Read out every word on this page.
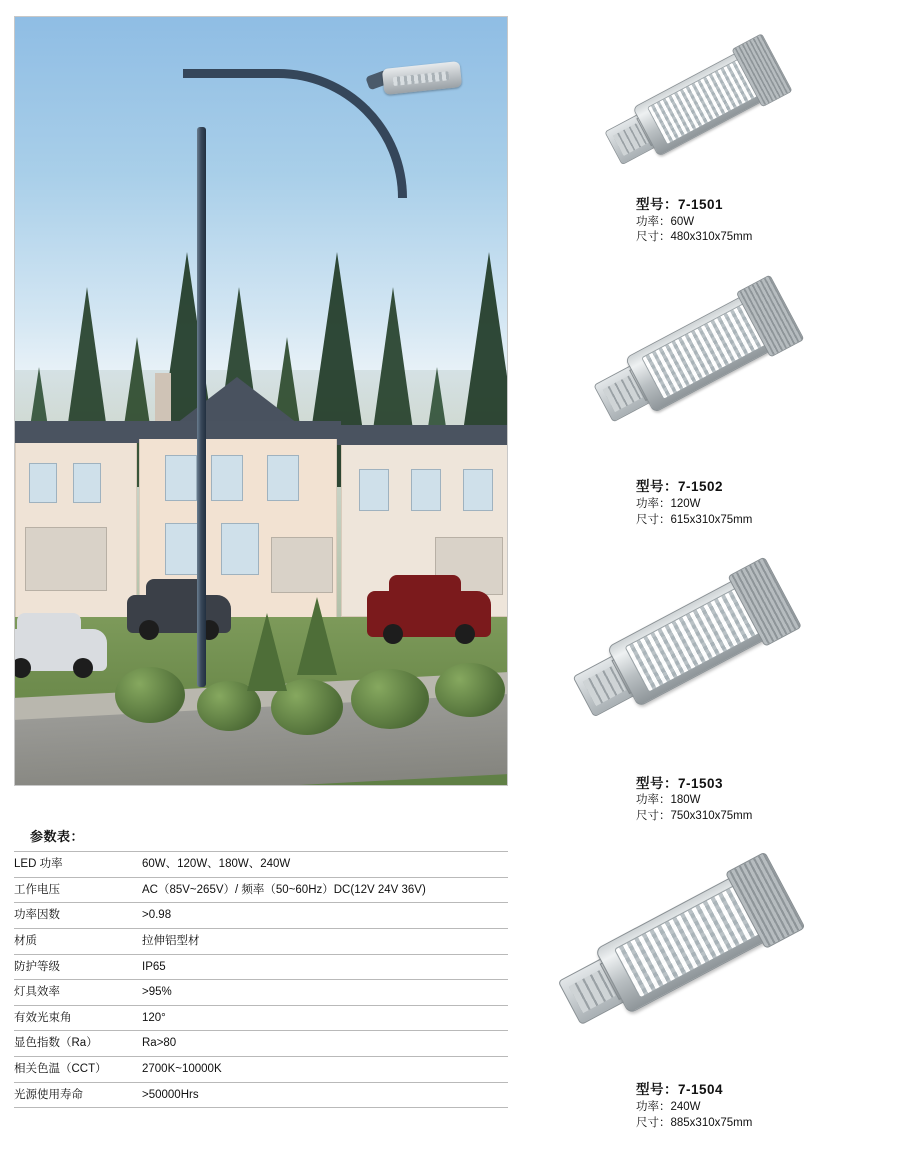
参数表：
LED 功率	60W、120W、180W、240W
工作电压	AC（85V~265V）/ 频率（50~60Hz）DC(12V 24V 36V)
功率因数	>0.98
材质	拉伸铝型材
防护等级	IP65
灯具效率	>95%
有效光束角	120°
显色指数（Ra）	Ra>80
相关色温（CCT）	2700K~10000K
光源使用寿命	>50000Hrs
型号：7-1501
功率：60W
尺寸：480x310x75mm
型号：7-1502
功率：120W
尺寸：615x310x75mm
型号：7-1503
功率：180W
尺寸：750x310x75mm
型号：7-1504
功率：240W
尺寸：885x310x75mm
